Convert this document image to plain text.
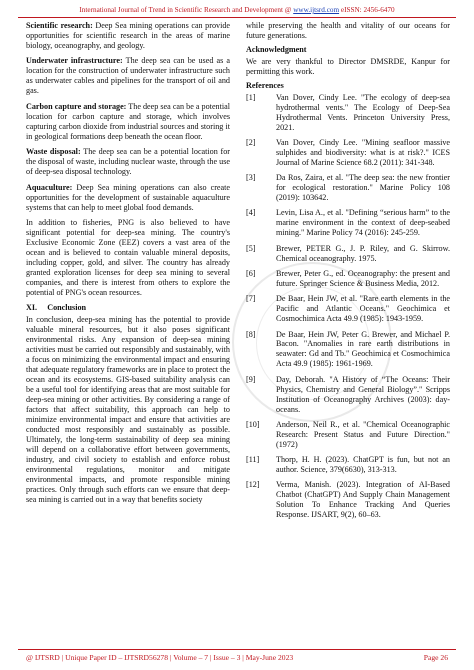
International Journal of Trend in Scientific Research and Development @ www.ijtsrd.com eISSN: 2456-6470

Scientific research: Deep Sea mining operations can provide opportunities for scientific research in the areas of marine biology, oceanography, and geology.

Underwater infrastructure: The deep sea can be used as a location for the construction of underwater infrastructure such as underwater cables and pipelines for the transport of oil and gas.

Carbon capture and storage: The deep sea can be a potential location for carbon capture and storage, which involves capturing carbon dioxide from industrial sources and storing it in geological formations deep beneath the ocean floor.

Waste disposal: The deep sea can be a potential location for the disposal of waste, including nuclear waste, through the use of deep-sea disposal technology.

Aquaculture: Deep Sea mining operations can also create opportunities for the development of sustainable aquaculture systems that can help to meet global food demands.

In addition to fisheries, PNG is also believed to have significant potential for deep-sea mining. The country's Exclusive Economic Zone (EEZ) covers a vast area of the ocean and is believed to contain valuable mineral deposits, including copper, gold, and silver. The country has already granted exploration licenses for deep sea mining to several companies, and there is interest from others to explore the potential of PNG's ocean resources.

XI.     Conclusion

In conclusion, deep-sea mining has the potential to provide valuable mineral resources, but it also poses significant environmental risks. Any expansion of deep-sea mining activities must be carried out responsibly and sustainably, with a focus on minimizing the environmental impact and ensuring that adequate regulatory frameworks are in place to protect the ocean and its ecosystems. GIS-based suitability analysis can be a useful tool for identifying areas that are most suitable for deep-sea mining or other activities. By considering a range of factors that affect suitability, this approach can help to minimize environmental impact and ensure that activities are conducted most responsibly and sustainably as possible. Ultimately, the long-term sustainability of deep sea mining will depend on a collaborative effort between governments, industry, and civil society to establish and enforce robust environmental regulations, monitor and mitigate environmental impacts, and promote responsible mining practices. Only through such efforts can we ensure that deep-sea mining is carried out in a way that benefits society

while preserving the health and vitality of our oceans for future generations.

Acknowledgment

We are very thankful to Director DMSRDE, Kanpur for permitting this work.

References
[1]	Van Dover, Cindy Lee. "The ecology of deep-sea hydrothermal vents." The Ecology of Deep-Sea Hydrothermal Vents. Princeton University Press, 2021.
[2]	Van Dover, Cindy Lee. "Mining seafloor massive sulphides and biodiversity: what is at risk?." ICES Journal of Marine Science 68.2 (2011): 341-348.
[3]	Da Ros, Zaira, et al. "The deep sea: the new frontier for ecological restoration." Marine Policy 108 (2019): 103642.
[4]	Levin, Lisa A., et al. "Defining “serious harm” to the marine environment in the context of deep-seabed mining." Marine Policy 74 (2016): 245-259.
[5]	Brewer, PETER G., J. P. Riley, and G. Skirrow. Chemical oceanography. 1975.
[6]	Brewer, Peter G., ed. Oceanography: the present and future. Springer Science & Business Media, 2012.
[7]	De Baar, Hein JW, et al. "Rare earth elements in the Pacific and Atlantic Oceans." Geochimica et Cosmochimica Acta 49.9 (1985): 1943-1959.
[8]	De Baar, Hein JW, Peter G. Brewer, and Michael P. Bacon. "Anomalies in rare earth distributions in seawater: Gd and Tb." Geochimica et Cosmochimica Acta 49.9 (1985): 1961-1969.
[9]	Day, Deborah. "A History of “The Oceans: Their Physics, Chemistry and General Biology”." Scripps Institution of Oceanography Archives (2003): day-oceans.
[10]	Anderson, Neil R., et al. "Chemical Oceanographic Research: Present Status and Future Direction." (1972)
[11]	Thorp, H. H. (2023). ChatGPT is fun, but not an author. Science, 379(6630), 313-313.
[12]	Verma, Manish. (2023). Integration of AI-Based Chatbot (ChatGPT) And Supply Chain Management Solution To Enhance Tracking And Queries Response. IJSART, 9(2), 60–63.
@ IJTSRD | Unique Paper ID – IJTSRD56278 | Volume – 7 | Issue – 3 | May-June 2023	Page 26
